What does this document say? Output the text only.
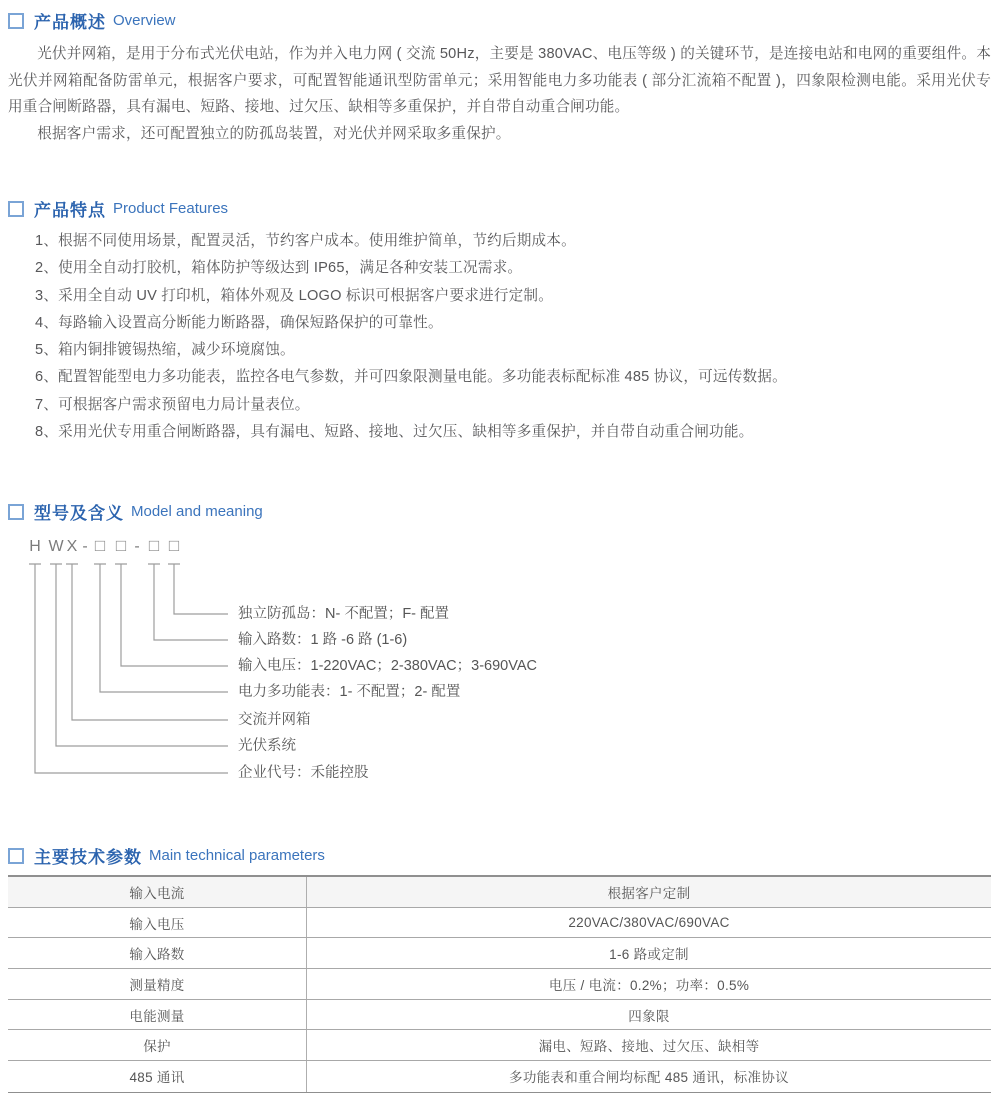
产品概述 Overview

光伏并网箱，是用于分布式光伏电站，作为并入电力网 ( 交流 50Hz，主要是 380VAC、电压等级 ) 的关键环节，是连接电站和电网的重要组件。本光伏并网箱配备防雷单元，根据客户要求，可配置智能通讯型防雷单元；采用智能电力多功能表 ( 部分汇流箱不配置 )，四象限检测电能。采用光伏专用重合闸断路器，具有漏电、短路、接地、过欠压、缺相等多重保护，并自带自动重合闸功能。

根据客户需求，还可配置独立的防孤岛装置，对光伏并网采取多重保护。

产品特点 Product Features
1、根据不同使用场景，配置灵活，节约客户成本。使用维护简单，节约后期成本。
2、使用全自动打胶机，箱体防护等级达到 IP65，满足各种安装工况需求。
3、采用全自动 UV 打印机，箱体外观及 LOGO 标识可根据客户要求进行定制。
4、每路输入设置高分断能力断路器，确保短路保护的可靠性。
5、箱内铜排镀锡热缩，减少环境腐蚀。
6、配置智能型电力多功能表，监控各电气参数，并可四象限测量电能。多功能表标配标准 485 协议，可远传数据。
7、可根据客户需求预留电力局计量表位。
8、采用光伏专用重合闸断路器，具有漏电、短路、接地、过欠压、缺相等多重保护，并自带自动重合闸功能。
型号及含义 Model and meaning
H W X - □ □ - □ □
独立防孤岛：N- 不配置；F- 配置
输入路数：1 路 -6 路 (1-6)
输入电压：1-220VAC；2-380VAC；3-690VAC
电力多功能表：1- 不配置；2- 配置
交流并网箱
光伏系统
企业代号：禾能控股
主要技术参数 Main technical parameters
输入电流	根据客户定制
输入电压	220VAC/380VAC/690VAC
输入路数	1-6 路或定制
测量精度	电压 / 电流：0.2%；功率：0.5%
电能测量	四象限
保护	漏电、短路、接地、过欠压、缺相等
485 通讯	多功能表和重合闸均标配 485 通讯，标准协议
